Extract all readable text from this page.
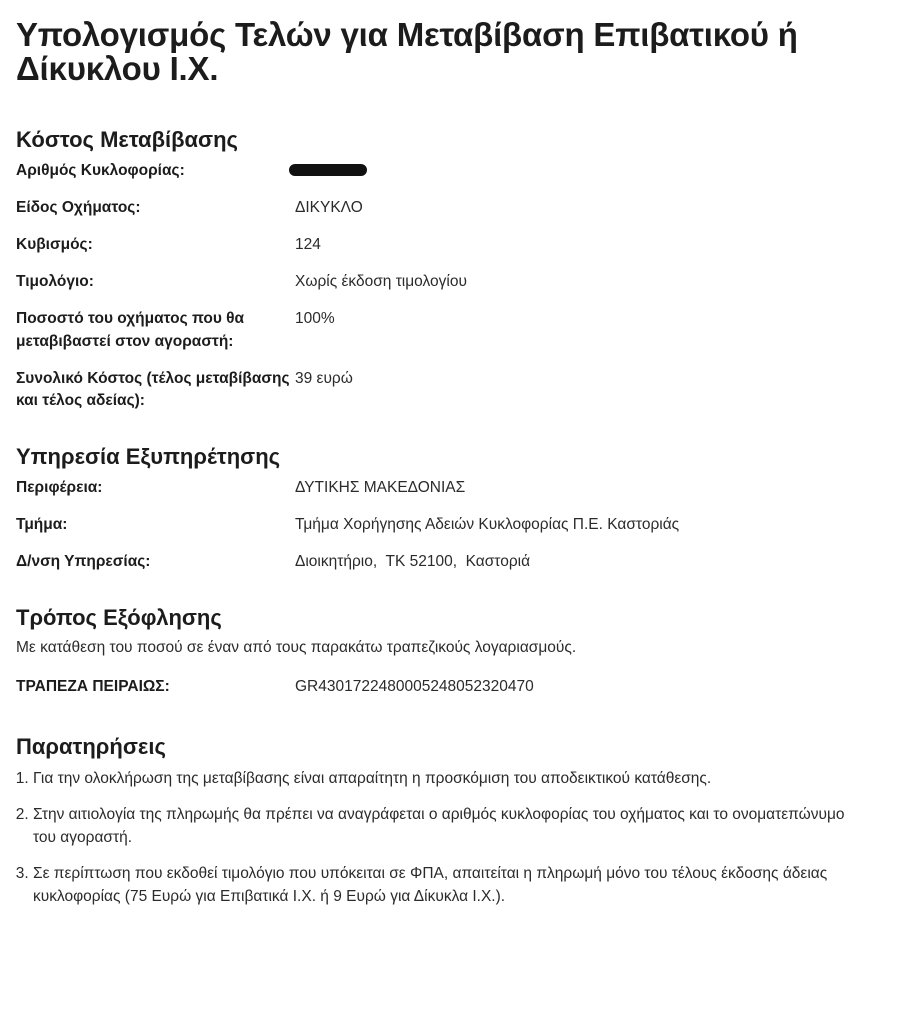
Υπολογισμός Τελών για Μεταβίβαση Επιβατικού ή Δίκυκλου Ι.Χ.
Κόστος Μεταβίβασης
Αριθμός Κυκλοφορίας:
Είδος Οχήματος:	ΔΙΚΥΚΛΟ
Κυβισμός:	124
Τιμολόγιο:	Χωρίς έκδοση τιμολογίου
Ποσοστό του οχήματος που θα μεταβιβαστεί στον αγοραστή:
100%
Συνολικό Κόστος (τέλος μεταβίβασης και τέλος αδείας):
39 ευρώ
Υπηρεσία Εξυπηρέτησης
Περιφέρεια:	ΔΥΤΙΚΗΣ ΜΑΚΕΔΟΝΙΑΣ
Τμήμα:	Τμήμα Χορήγησης Αδειών Κυκλοφορίας Π.Ε. Καστοριάς
Δ/νση Υπηρεσίας:	Διοικητήριο,  ΤΚ 52100,  Καστοριά
Τρόπος Εξόφλησης
Με κατάθεση του ποσού σε έναν από τους παρακάτω τραπεζικούς λογαριασμούς.
ΤΡΑΠΕΖΑ ΠΕΙΡΑΙΩΣ:	GR4301722480005248052320470
Παρατηρήσεις
1. Για την ολοκλήρωση της μεταβίβασης είναι απαραίτητη η προσκόμιση του αποδεικτικού κατάθεσης.
2. Στην αιτιολογία της πληρωμής θα πρέπει να αναγράφεται ο αριθμός κυκλοφορίας του οχήματος και το ονοματεπώνυμο του αγοραστή.
3. Σε περίπτωση που εκδοθεί τιμολόγιο που υπόκειται σε ΦΠΑ, απαιτείται η πληρωμή μόνο του τέλους έκδοσης άδειας κυκλοφορίας (75 Ευρώ για Επιβατικά Ι.Χ. ή 9 Ευρώ για Δίκυκλα Ι.Χ.).
